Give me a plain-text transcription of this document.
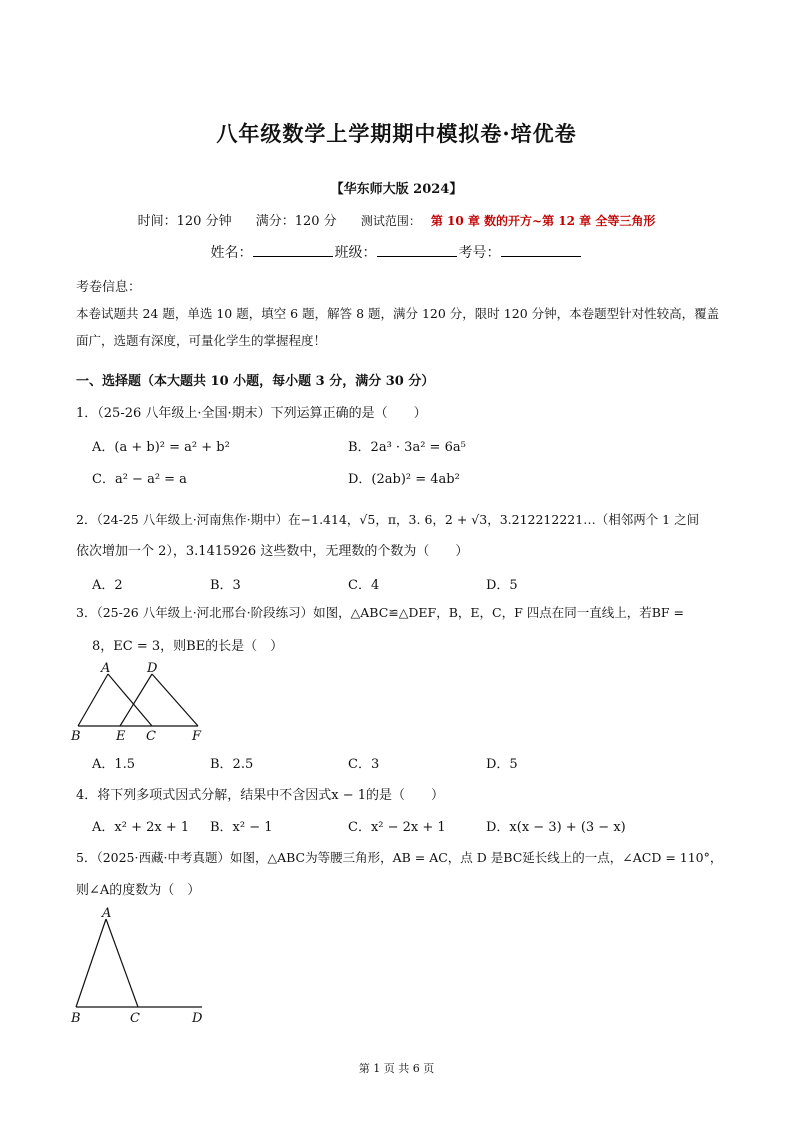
八年级数学上学期期中模拟卷·培优卷
【华东师大版 2024】
时间：120 分钟 满分：120 分 测试范围： 第 10 章 数的开方~第 12 章 全等三角形
姓名：	班级：	考号：
考卷信息：
本卷试题共 24 题，单选 10 题，填空 6 题，解答 8 题，满分 120 分，限时 120 分钟，本卷题型针对性较高，覆盖面广，选题有深度，可量化学生的掌握程度！
一、选择题（本大题共 10 小题，每小题 3 分，满分 30 分）
1．（25-26 八年级上·全国·期末）下列运算正确的是（　　）
A．(a + b)² = a² + b²	B．2a³ · 3a² = 6a⁵
C．a² − a² = a	D．(2ab)² = 4ab²
2．（24-25 八年级上·河南焦作·期中）在−1.414，√5，π，3. 6，2 + √3，3.212212221…（相邻两个 1 之间
依次增加一个 2），3.1415926 这些数中，无理数的个数为（　　）
A．2	B．3	C．4	D．5
3．（25-26 八年级上·河北邢台·阶段练习）如图，△ABC≌△DEF，B，E，C，F 四点在同一直线上，若BF =
8，EC = 3，则BE的长是（　）
A	D
B	E C	F
A．1.5	B．2.5	C．3	D．5
4．将下列多项式因式分解，结果中不含因式x − 1的是（　　）
A．x² + 2x + 1 B．x² − 1	C．x² − 2x + 1	D．x(x − 3) + (3 − x)
5．（2025·西藏·中考真题）如图，△ABC为等腰三角形，AB = AC，点 D 是BC延长线上的一点，∠ACD = 110°，
则∠A的度数为（　）
A
B	C	D
第 1 页 共 6 页
